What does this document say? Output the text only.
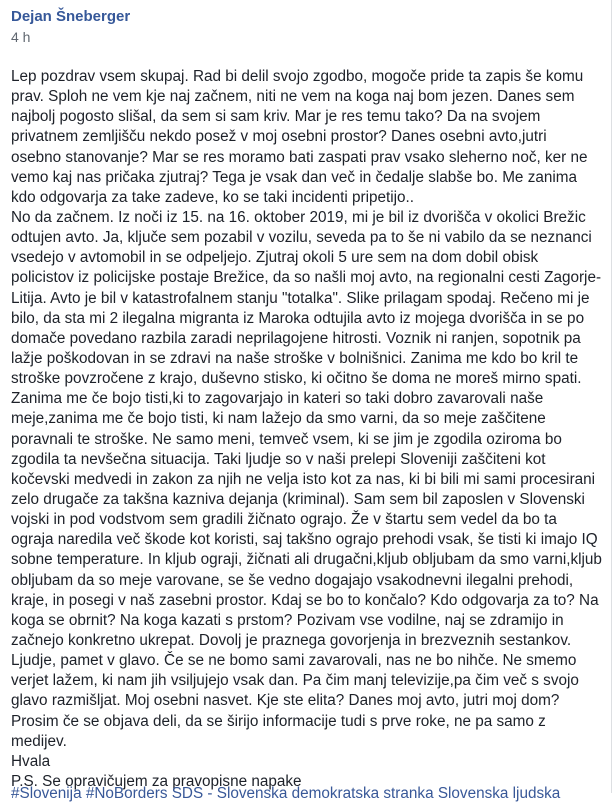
Dejan Šneberger
4 h
Lep pozdrav vsem skupaj. Rad bi delil svojo zgodbo, mogoče pride ta zapis še komu
prav. Sploh ne vem kje naj začnem, niti ne vem na koga naj bom jezen. Danes sem
najbolj pogosto slišal, da sem si sam kriv. Mar je res temu tako? Da na svojem
privatnem zemljišču nekdo posež v moj osebni prostor? Danes osebni avto,jutri
osebno stanovanje? Mar se res moramo bati zaspati prav vsako sleherno noč, ker ne
vemo kaj nas pričaka zjutraj? Tega je vsak dan več in čedalje slabše bo. Me zanima
kdo odgovarja za take zadeve, ko se taki incidenti pripetijo..
No da začnem. Iz noči iz 15. na 16. oktober 2019, mi je bil iz dvorišča v okolici Brežic
odtujen avto. Ja, ključe sem pozabil v vozilu, seveda pa to še ni vabilo da se neznanci
vsedejo v avtomobil in se odpeljejo. Zjutraj okoli 5 ure sem na dom dobil obisk
policistov iz policijske postaje Brežice, da so našli moj avto, na regionalni cesti Zagorje-
Litija. Avto je bil v katastrofalnem stanju "totalka". Slike prilagam spodaj. Rečeno mi je
bilo, da sta mi 2 ilegalna migranta iz Maroka odtujila avto iz mojega dvorišča in se po
domače povedano razbila zaradi neprilagojene hitrosti. Voznik ni ranjen, sopotnik pa
lažje poškodovan in se zdravi na naše stroške v bolnišnici. Zanima me kdo bo kril te
stroške povzročene z krajo, duševno stisko, ki očitno še doma ne moreš mirno spati.
Zanima me če bojo tisti,ki to zagovarjajo in kateri so taki dobro zavarovali naše
meje,zanima me če bojo tisti, ki nam lažejo da smo varni, da so meje zaščitene
poravnali te stroške. Ne samo meni, temveč vsem, ki se jim je zgodila oziroma bo
zgodila ta nevšečna situacija. Taki ljudje so v naši prelepi Sloveniji zaščiteni kot
kočevski medvedi in zakon za njih ne velja isto kot za nas, ki bi bili mi sami procesirani
zelo drugače za takšna kazniva dejanja (kriminal). Sam sem bil zaposlen v Slovenski
vojski in pod vodstvom sem gradili žičnato ograjo. Že v štartu sem vedel da bo ta
ograja naredila več škode kot koristi, saj takšno ograjo prehodi vsak, še tisti ki imajo IQ
sobne temperature. In kljub ograji, žičnati ali drugačni,kljub obljubam da smo varni,kljub
obljubam da so meje varovane, se še vedno dogajajo vsakodnevni ilegalni prehodi,
kraje, in posegi v naš zasebni prostor. Kdaj se bo to končalo? Kdo odgovarja za to? Na
koga se obrnit? Na koga kazati s prstom? Pozivam vse vodilne, naj se zdramijo in
začnejo konkretno ukrepat. Dovolj je praznega govorjenja in brezveznih sestankov.
Ljudje, pamet v glavo. Če se ne bomo sami zavarovali, nas ne bo nihče. Ne smemo
verjet lažem, ki nam jih vsiljujejo vsak dan. Pa čim manj televizije,pa čim več s svojo
glavo razmišljat. Moj osebni nasvet. Kje ste elita? Danes moj avto, jutri moj dom?
Prosim če se objava deli, da se širijo informacije tudi s prve roke, ne pa samo z
medijev.
Hvala
P.S. Se opravičujem za pravopisne napake
#Slovenija #NoBorders SDS - Slovenska demokratska stranka Slovenska ljudska
